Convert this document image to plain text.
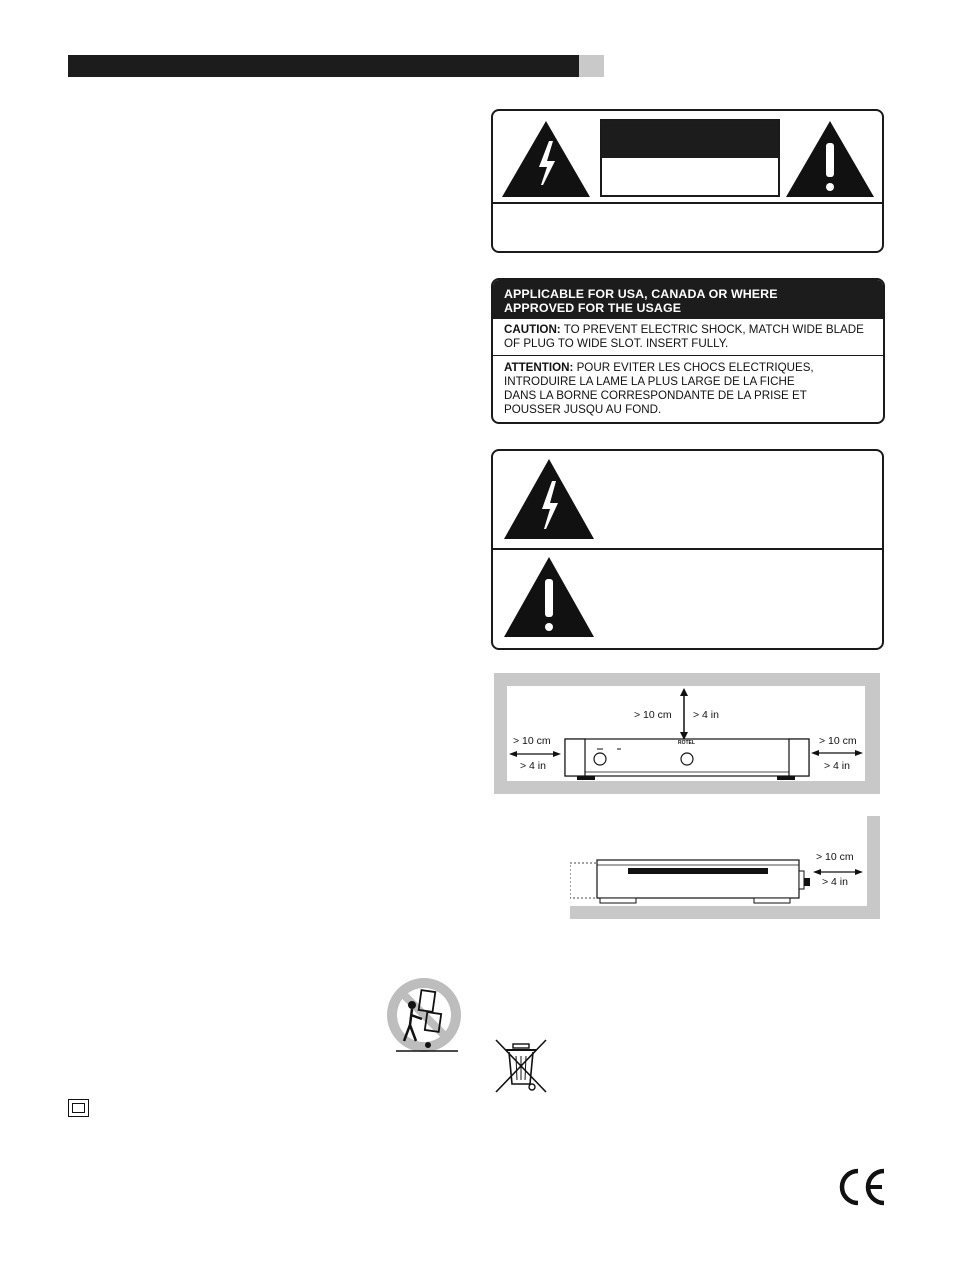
APPLICABLE FOR USA, CANADA OR WHERE
APPROVED FOR THE USAGE
CAUTION: TO PREVENT ELECTRIC SHOCK, MATCH WIDE BLADE
OF PLUG TO WIDE SLOT. INSERT FULLY.
ATTENTION: POUR EVITER LES CHOCS ELECTRIQUES,
INTRODUIRE LA LAME LA PLUS LARGE DE LA FICHE
DANS LA BORNE CORRESPONDANTE DE LA PRISE ET
POUSSER JUSQU AU FOND.
> 10 cm > 4 in
> 10 cm
> 4 in
> 10 cm
> 4 in
ROTEL
> 10 cm
> 4 in
